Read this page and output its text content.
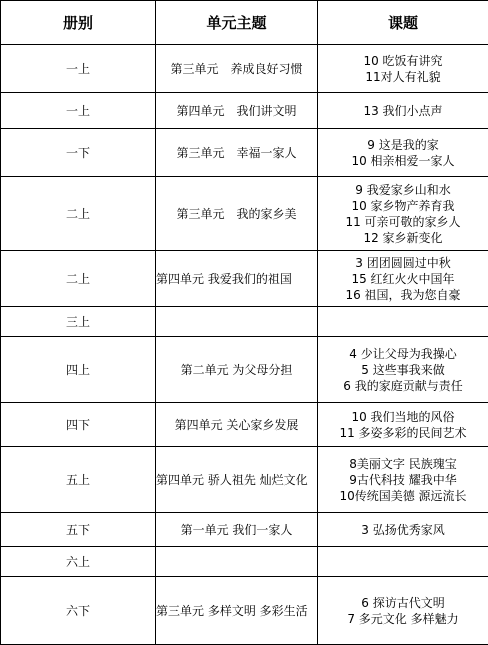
册别	单元主题	课题
一上	第三单元　养成良好习惯	10 吃饭有讲究
11对人有礼貌

一上	第四单元　我们讲文明	13 我们小点声

一下	第三单元　幸福一家人	9 这是我的家
10 相亲相爱一家人

二上	第三单元　我的家乡美	9 我爱家乡山和水
10 家乡物产养育我
11 可亲可敬的家乡人
12 家乡新变化

二上	第四单元 我爱我们的祖国	3 团团圆圆过中秋
15 红红火火中国年
16 祖国，我为您自豪

三上		
四上	第二单元 为父母分担	4 少让父母为我操心
5 这些事我来做
6 我的家庭贡献与责任

四下	第四单元 关心家乡发展	10 我们当地的风俗
11 多姿多彩的民间艺术

五上	第四单元 骄人祖先 灿烂文化	8美丽文字 民族瑰宝
9古代科技 耀我中华
10传统国美德 源远流长

五下	第一单元 我们一家人	3 弘扬优秀家风

六上		
六下	第三单元 多样文明 多彩生活	6 探访古代文明
7 多元文化 多样魅力
